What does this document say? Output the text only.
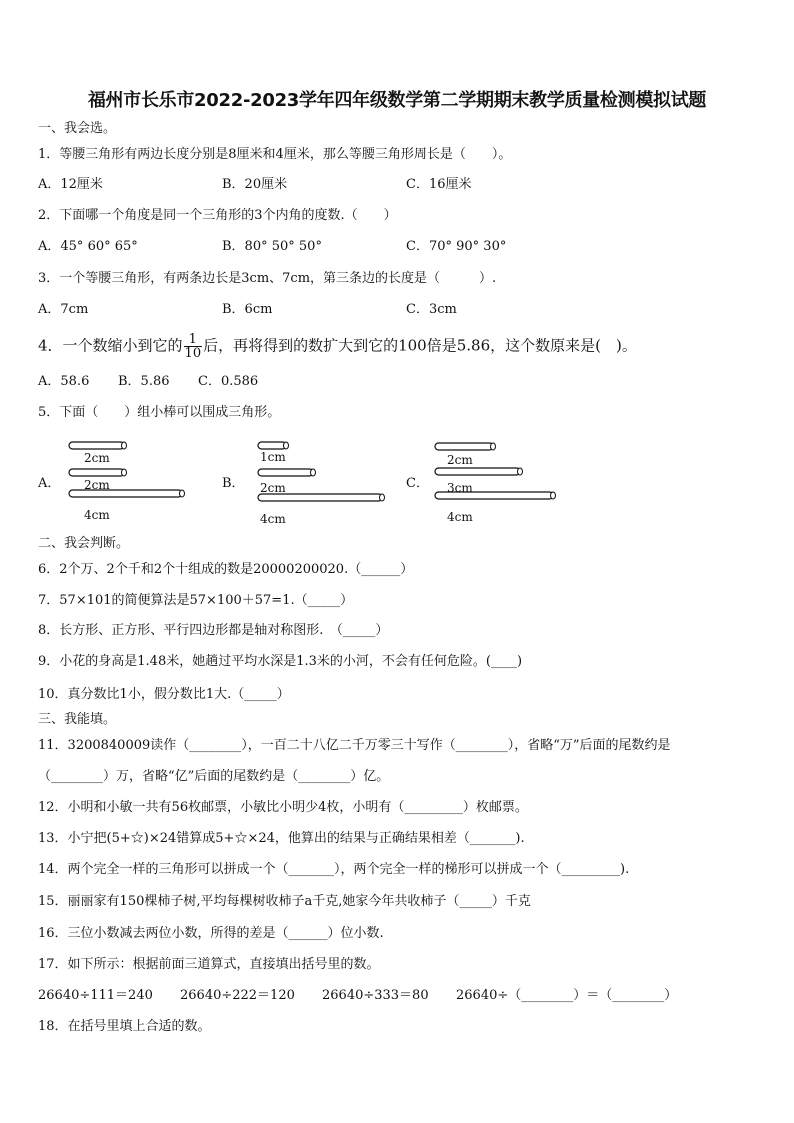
福州市长乐市2022-2023学年四年级数学第二学期期末教学质量检测模拟试题
一、我会选。
1．等腰三角形有两边长度分别是8厘米和4厘米，那么等腰三角形周长是（　　）。
A．12厘米	B．20厘米	C．16厘米
2．下面哪一个角度是同一个三角形的3个内角的度数.（　　）
A．45° 60° 65°	B．80° 50° 50°	C．70° 90° 30°
3．一个等腰三角形，有两条边长是3cm、7cm，第三条边的长度是（　　　）.
A．7cm	B．6cm	C．3cm
4．一个数缩小到它的 $\frac{1}{10}$ 后，再将得到的数扩大到它的100倍是5.86，这个数原来是(　)。
A．58.6 B．5.86 C．0.586
5．下面（　　）组小棒可以围成三角形。
A．
2cm
2cm
4cm
B．
1cm
2cm
4cm
C．
2cm
3cm
4cm
二、我会判断。
6．2个万、2个千和2个十组成的数是20000200020.（______）
7．57×101的简便算法是57×100＋57=1.（_____）
8．长方形、正方形、平行四边形都是轴对称图形.　（_____）
9．小花的身高是1.48米，她趟过平均水深是1.3米的小河，不会有任何危险。(____)
10．真分数比1小，假分数比1大.（_____）
三、我能填。
11．3200840009读作（________），一百二十八亿二千万零三十写作（________），省略“万”后面的尾数约是
（________）万，省略“亿”后面的尾数约是（________）亿。
12．小明和小敏一共有56枚邮票，小敏比小明少4枚，小明有（_________）枚邮票。
13．小宁把(5+☆)×24错算成5+☆×24，他算出的结果与正确结果相差（_______).
14．两个完全一样的三角形可以拼成一个（_______），两个完全一样的梯形可以拼成一个（_________).
15．丽丽家有150棵柿子树,平均每棵树收柿子a千克,她家今年共收柿子（_____）千克
16．三位小数减去两位小数，所得的差是（______）位小数.
17．如下所示：根据前面三道算式，直接填出括号里的数。
26640÷111＝240 26640÷222＝120 26640÷333＝80 26640÷（________）＝（________）
18．在括号里填上合适的数。
